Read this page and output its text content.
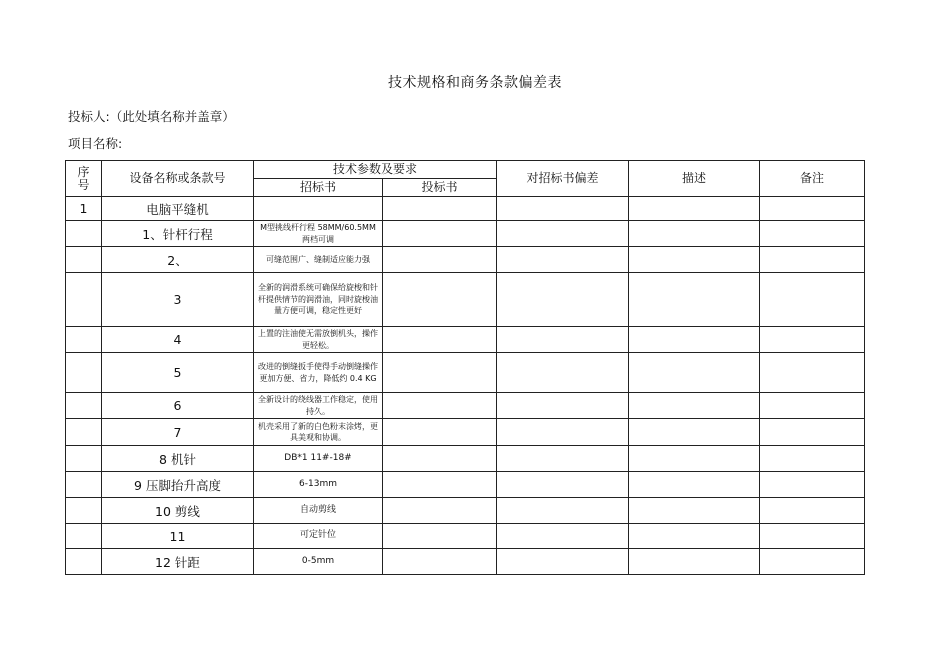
技术规格和商务条款偏差表
投标人:（此处填名称并盖章）
项目名称:
序号	设备名称或条款号	技术参数及要求		对招标书偏差	描述	备注
		招标书	投标书			
1	电脑平缝机					
	1、针杆行程	M型挑线杆行程 58MM/60.5MM两档可调				
	2、	可缝范围广、缝制适应能力强				
	3	全新的润滑系统可确保给旋梭和针杆提供情节的润滑油，同时旋梭油量方便可调，稳定性更好				
	4	上置的注油使无需放倒机头，操作更轻松。				
	5	改进的倒缝扳手使得手动倒缝操作更加方便、省力，降低约 0.4 KG				
	6	全新设计的绕线器工作稳定，使用持久。				
	7	机壳采用了新的白色粉末涂烤，更具美观和协调。				
	8 机针	DB*1 11#-18#				
	9 压脚抬升高度	6-13mm				
	10 剪线	自动剪线				
	11	可定针位				
	12 针距	0-5mm				
